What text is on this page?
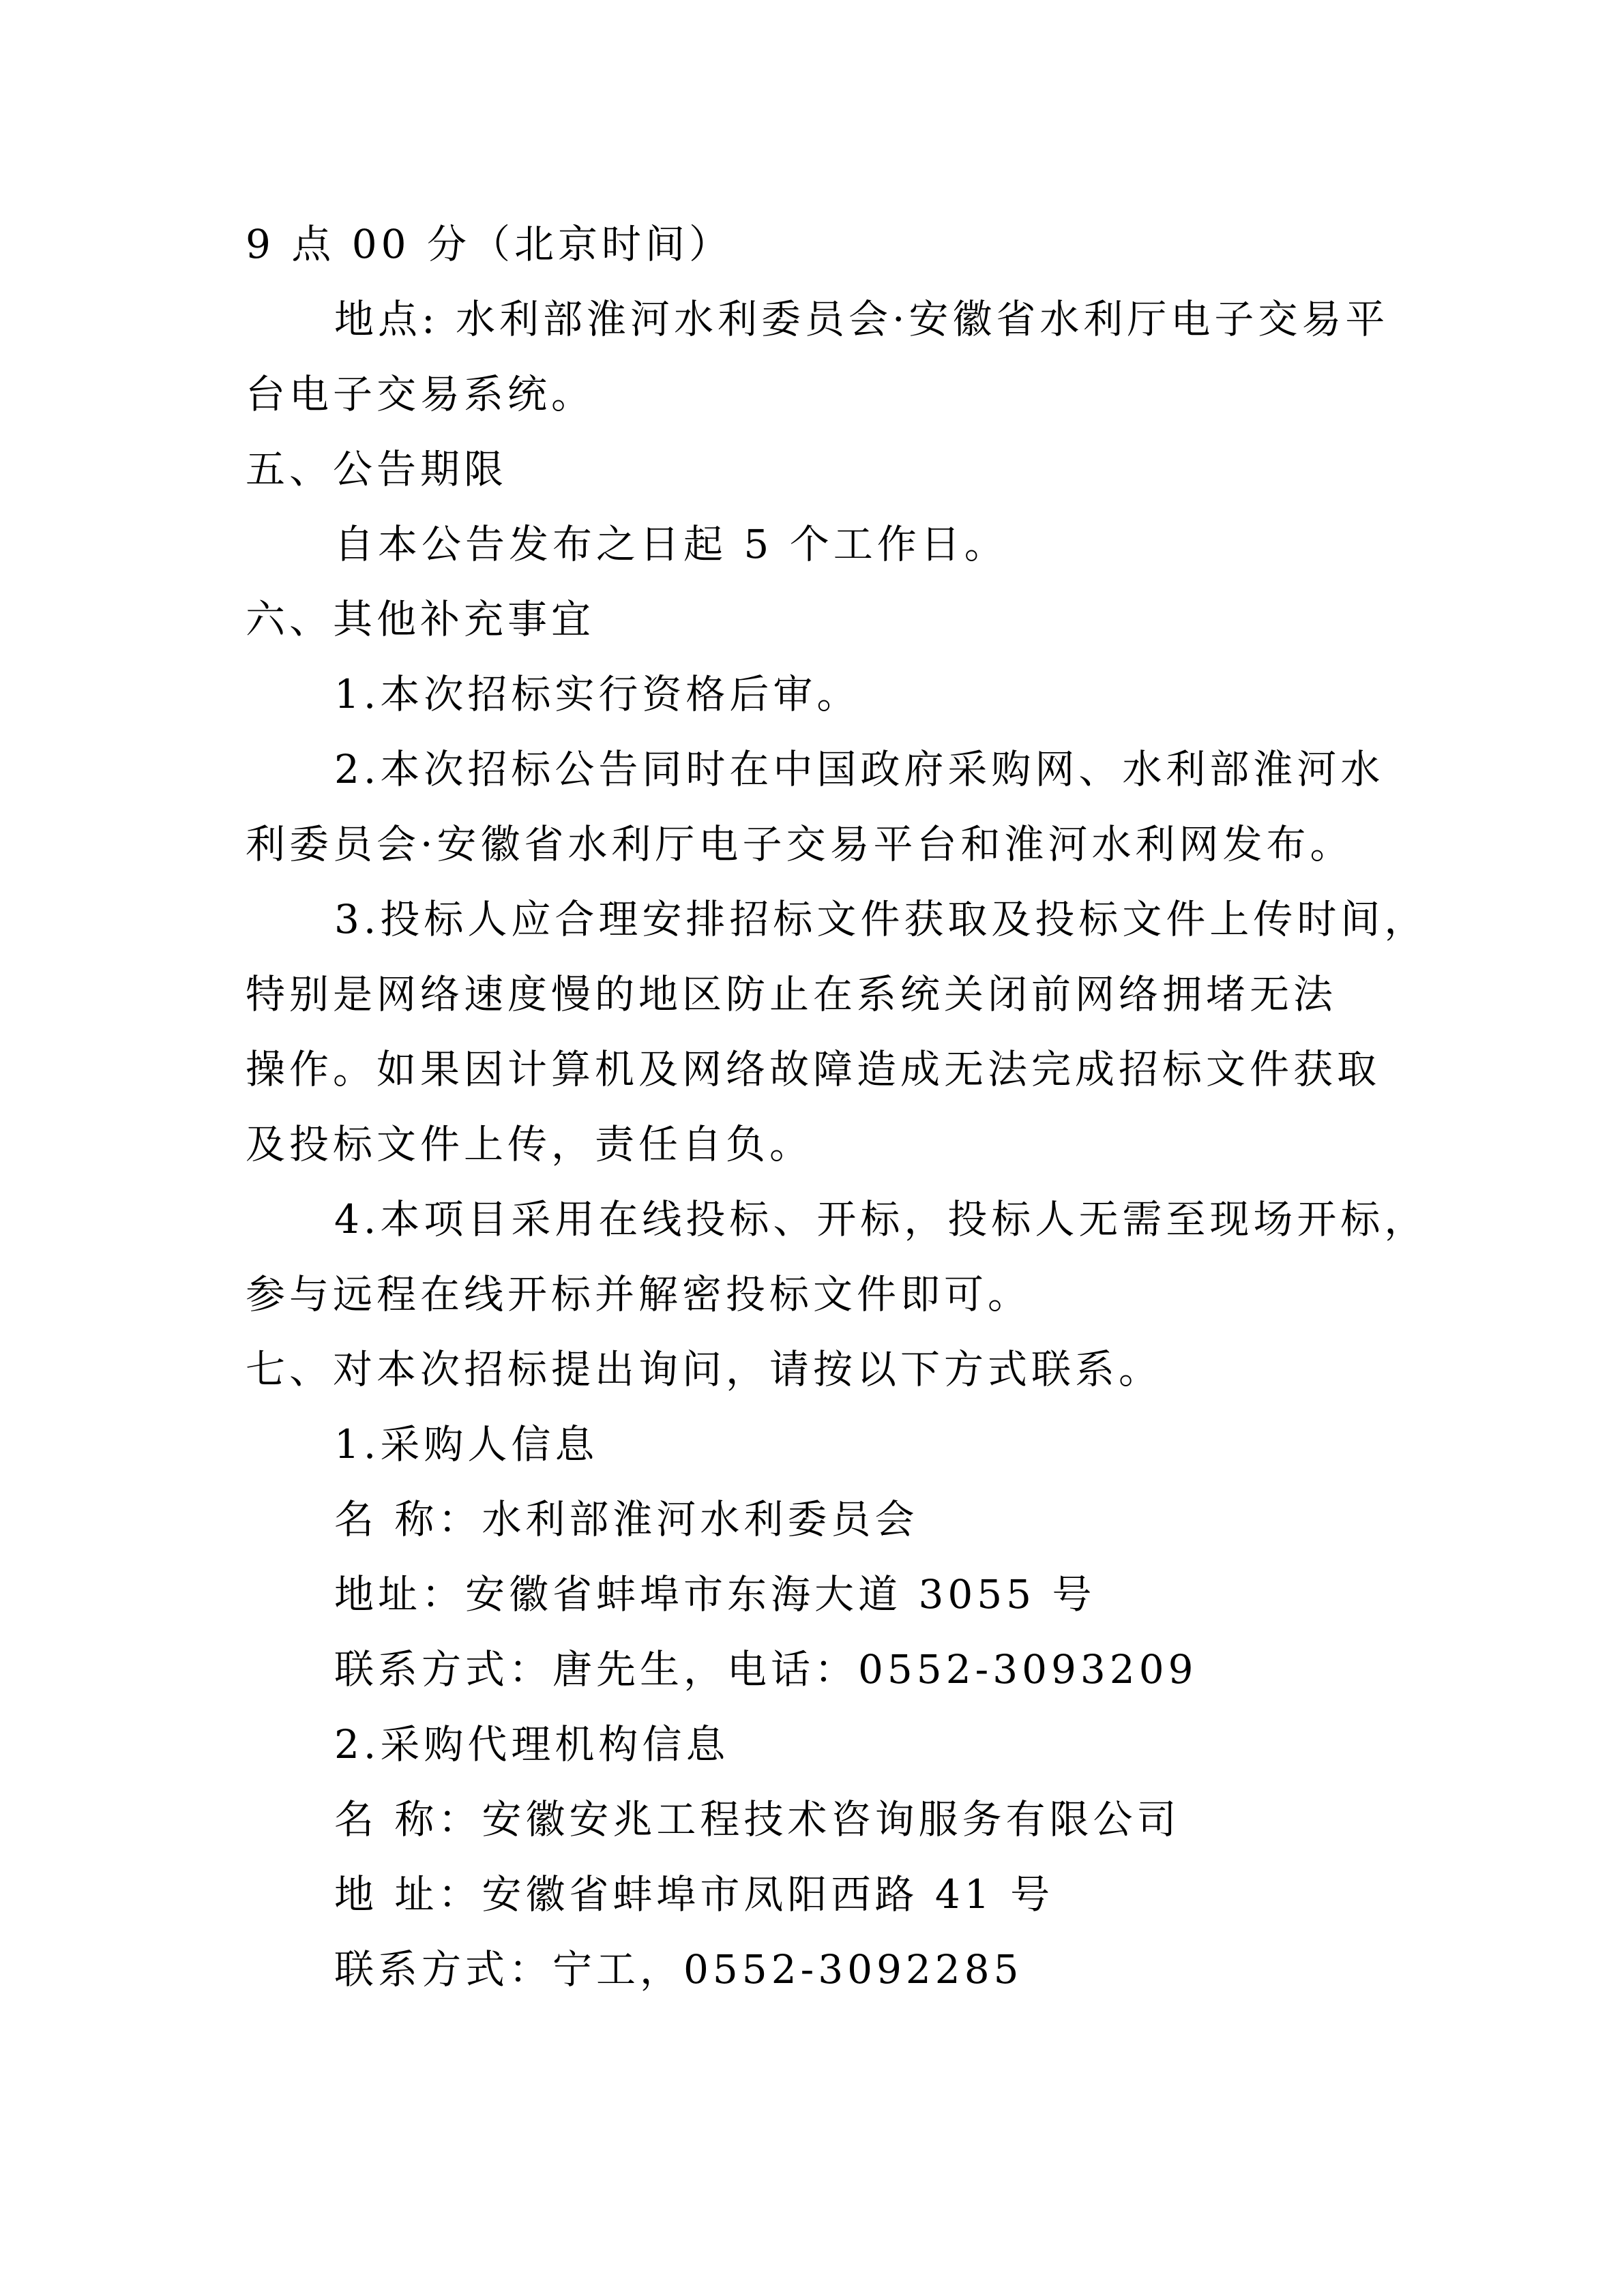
9 点 00 分（北京时间）
地点: 水利部淮河水利委员会·安徽省水利厅电子交易平
台电子交易系统。
五、公告期限
自本公告发布之日起 5 个工作日。
六、其他补充事宜
1.本次招标实行资格后审。
2.本次招标公告同时在中国政府采购网、水利部淮河水
利委员会·安徽省水利厅电子交易平台和淮河水利网发布。
3.投标人应合理安排招标文件获取及投标文件上传时间，
特别是网络速度慢的地区防止在系统关闭前网络拥堵无法
操作。如果因计算机及网络故障造成无法完成招标文件获取
及投标文件上传，责任自负。
4.本项目采用在线投标、开标，投标人无需至现场开标，
参与远程在线开标并解密投标文件即可。
七、对本次招标提出询问，请按以下方式联系。
1.采购人信息
名 称：水利部淮河水利委员会
地址：安徽省蚌埠市东海大道 3055 号
联系方式：唐先生，电话：0552-3093209
2.采购代理机构信息
名 称：安徽安兆工程技术咨询服务有限公司
地 址：安徽省蚌埠市凤阳西路 41 号
联系方式：宁工，0552-3092285
